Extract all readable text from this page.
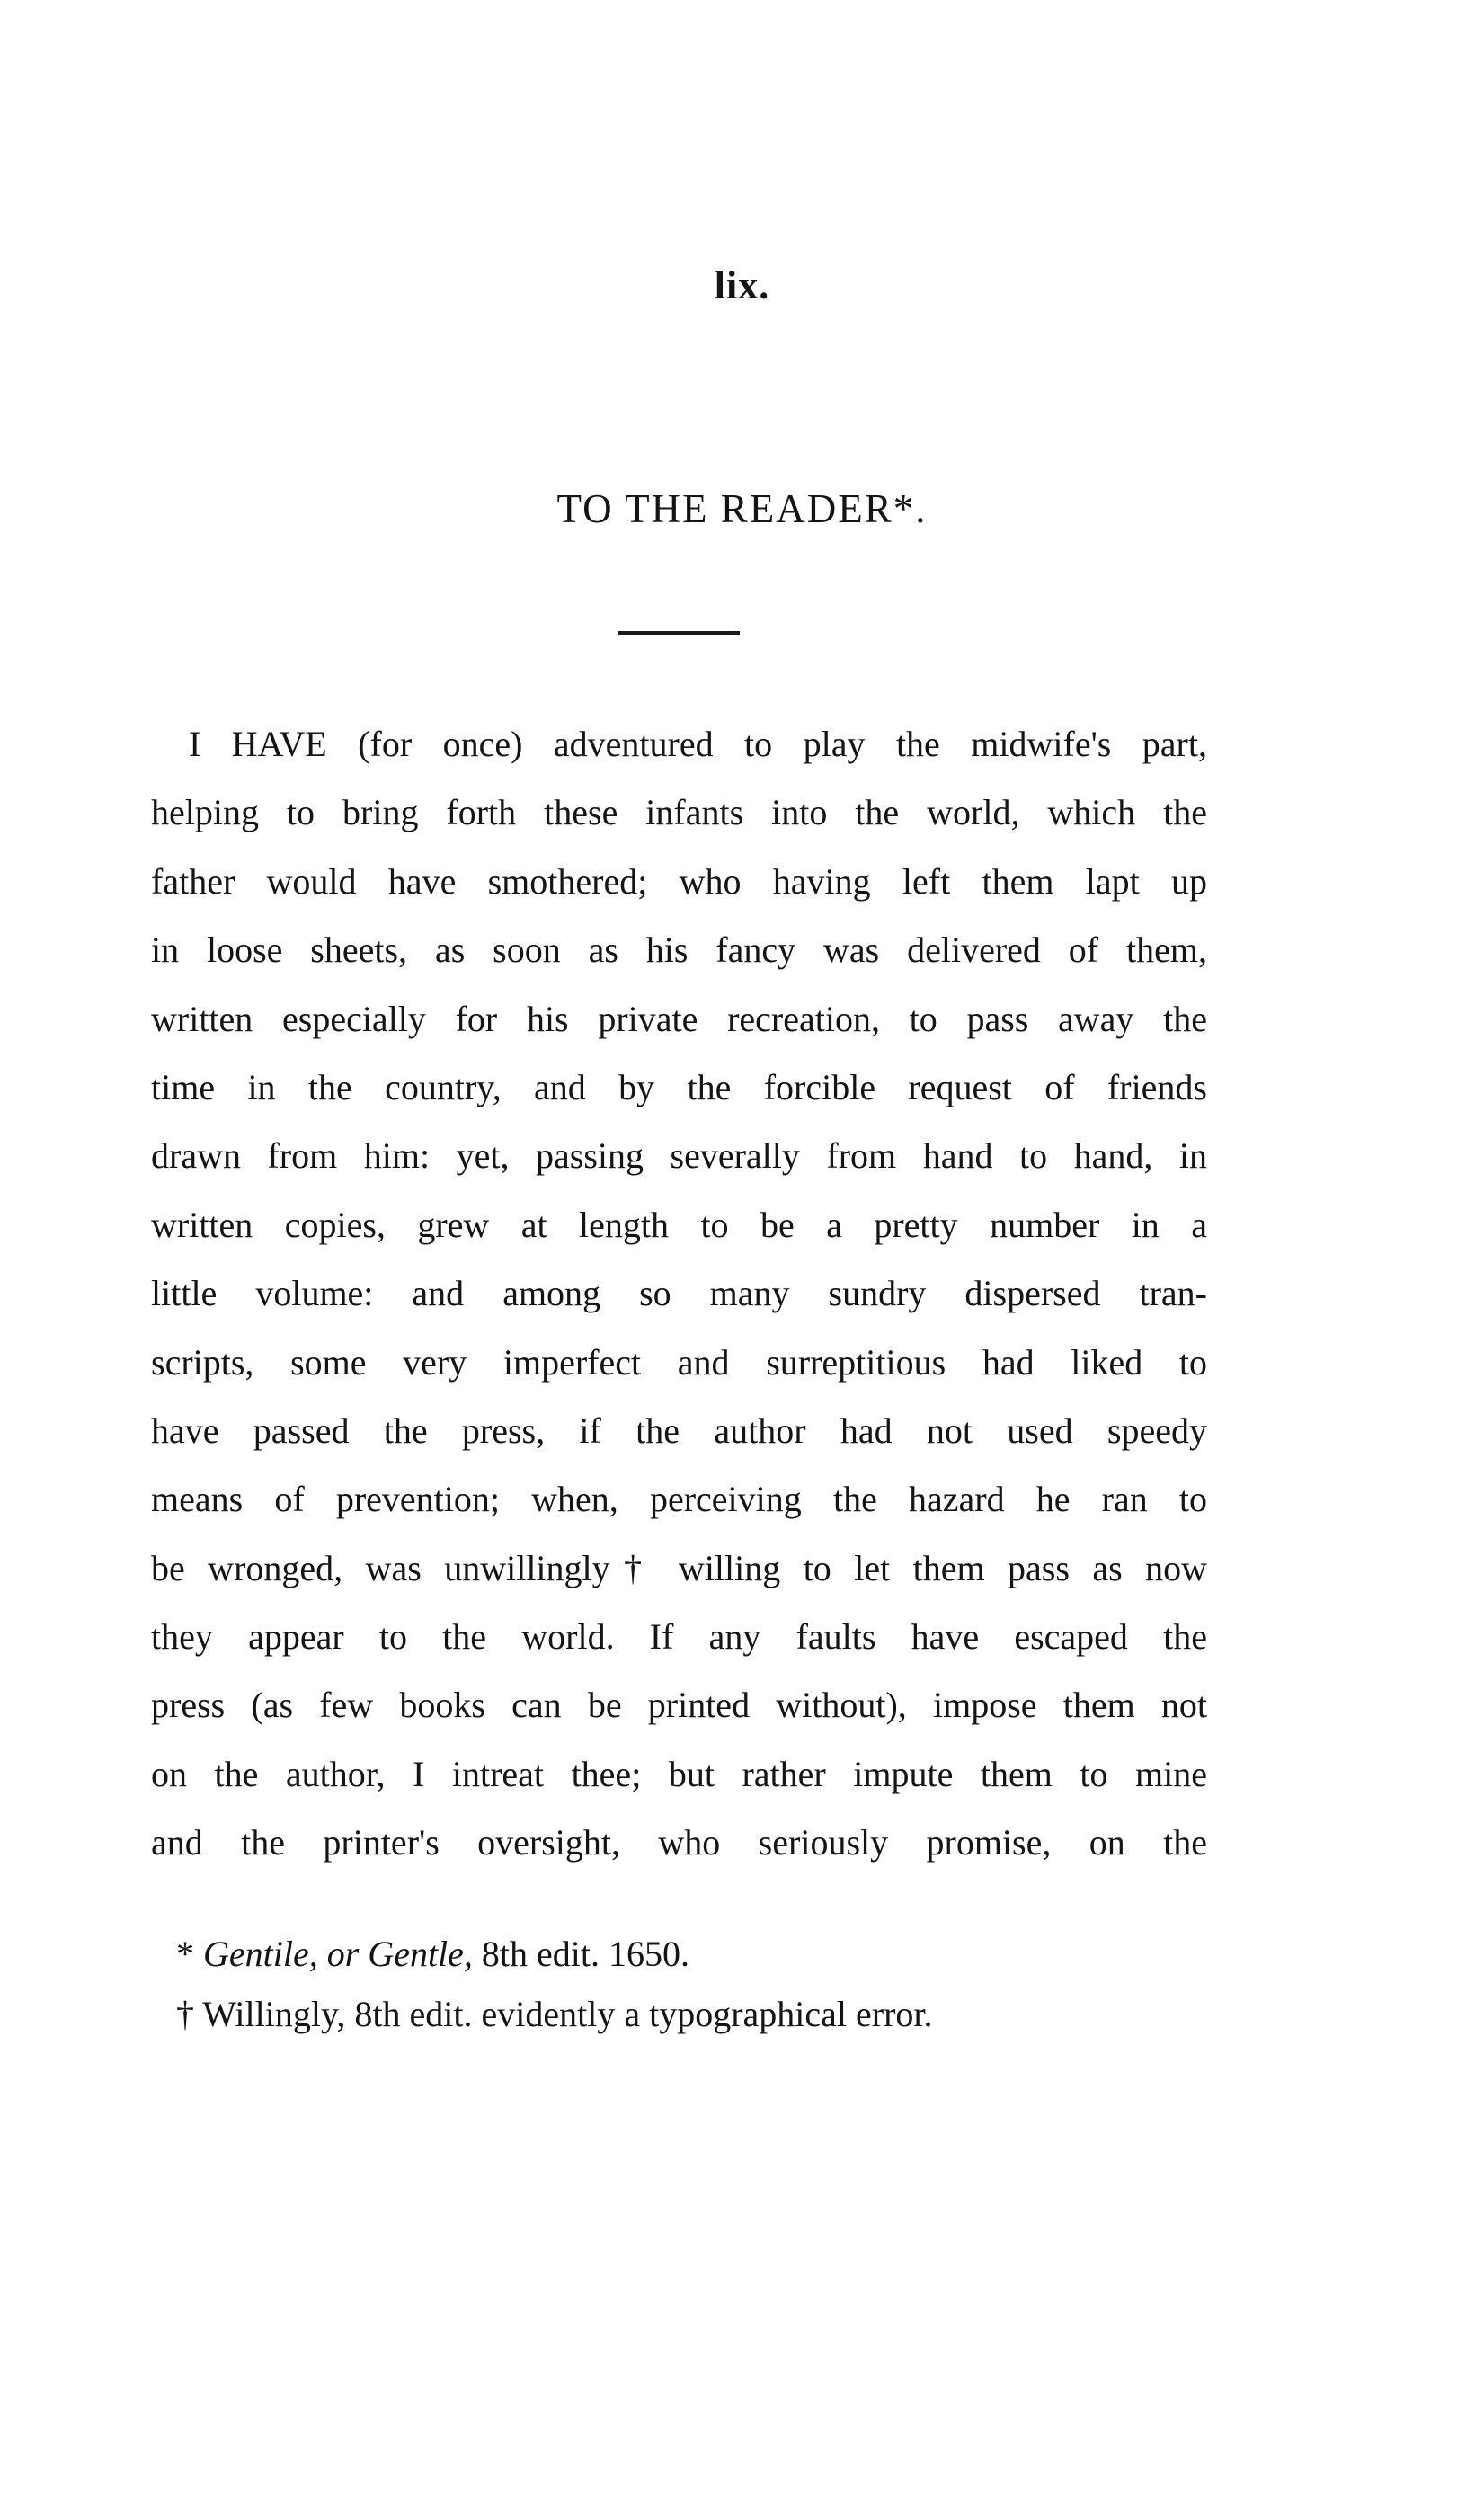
lix.
TO THE READER*.
I HAVE (for once) adventured to play the midwife's part,
helping to bring forth these infants into the world, which the
father would have smothered; who having left them lapt up
in loose sheets, as soon as his fancy was delivered of them,
written especially for his private recreation, to pass away the
time in the country, and by the forcible request of friends
drawn from him: yet, passing severally from hand to hand, in
written copies, grew at length to be a pretty number in a
little volume: and among so many sundry dispersed tran-
scripts, some very imperfect and surreptitious had liked to
have passed the press, if the author had not used speedy
means of prevention; when, perceiving the hazard he ran to
be wronged, was unwillingly† willing to let them pass as now
they appear to the world. If any faults have escaped the
press (as few books can be printed without), impose them not
on the author, I intreat thee; but rather impute them to mine
and the printer's oversight, who seriously promise, on the
* Gentile, or Gentle, 8th edit. 1650.
† Willingly, 8th edit. evidently a typographical error.
